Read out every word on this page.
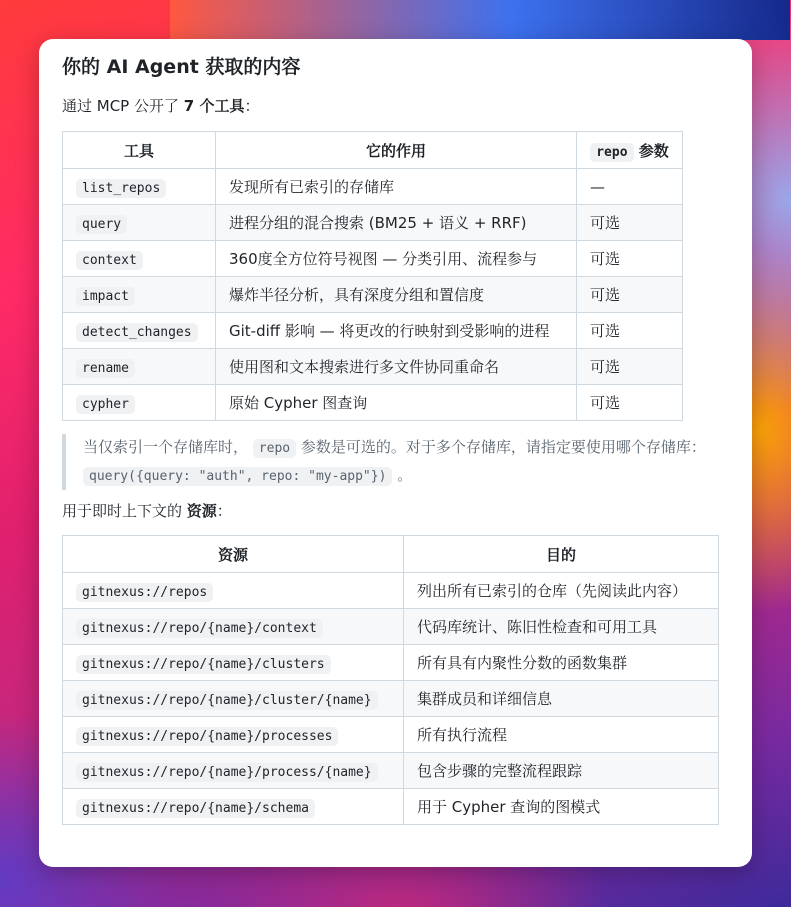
你的 AI Agent 获取的内容

通过 MCP 公开了 7 个工具：

工具	它的作用	repo 参数
list_repos	发现所有已索引的存储库	—
query	进程分组的混合搜索 (BM25 + 语义 + RRF)	可选
context	360度全方位符号视图 — 分类引用、流程参与	可选
impact	爆炸半径分析，具有深度分组和置信度	可选
detect_changes	Git-diff 影响 — 将更改的行映射到受影响的进程	可选
rename	使用图和文本搜索进行多文件协同重命名	可选
cypher	原始 Cypher 图查询	可选
当仅索引一个存储库时， repo 参数是可选的。对于多个存储库，请指定要使用哪个存储库：
query({query: "auth", repo: "my-app"}) 。

用于即时上下文的 资源：

资源	目的
gitnexus://repos	列出所有已索引的仓库（先阅读此内容）
gitnexus://repo/{name}/context	代码库统计、陈旧性检查和可用工具
gitnexus://repo/{name}/clusters	所有具有内聚性分数的函数集群
gitnexus://repo/{name}/cluster/{name}	集群成员和详细信息
gitnexus://repo/{name}/processes	所有执行流程
gitnexus://repo/{name}/process/{name}	包含步骤的完整流程跟踪
gitnexus://repo/{name}/schema	用于 Cypher 查询的图模式
